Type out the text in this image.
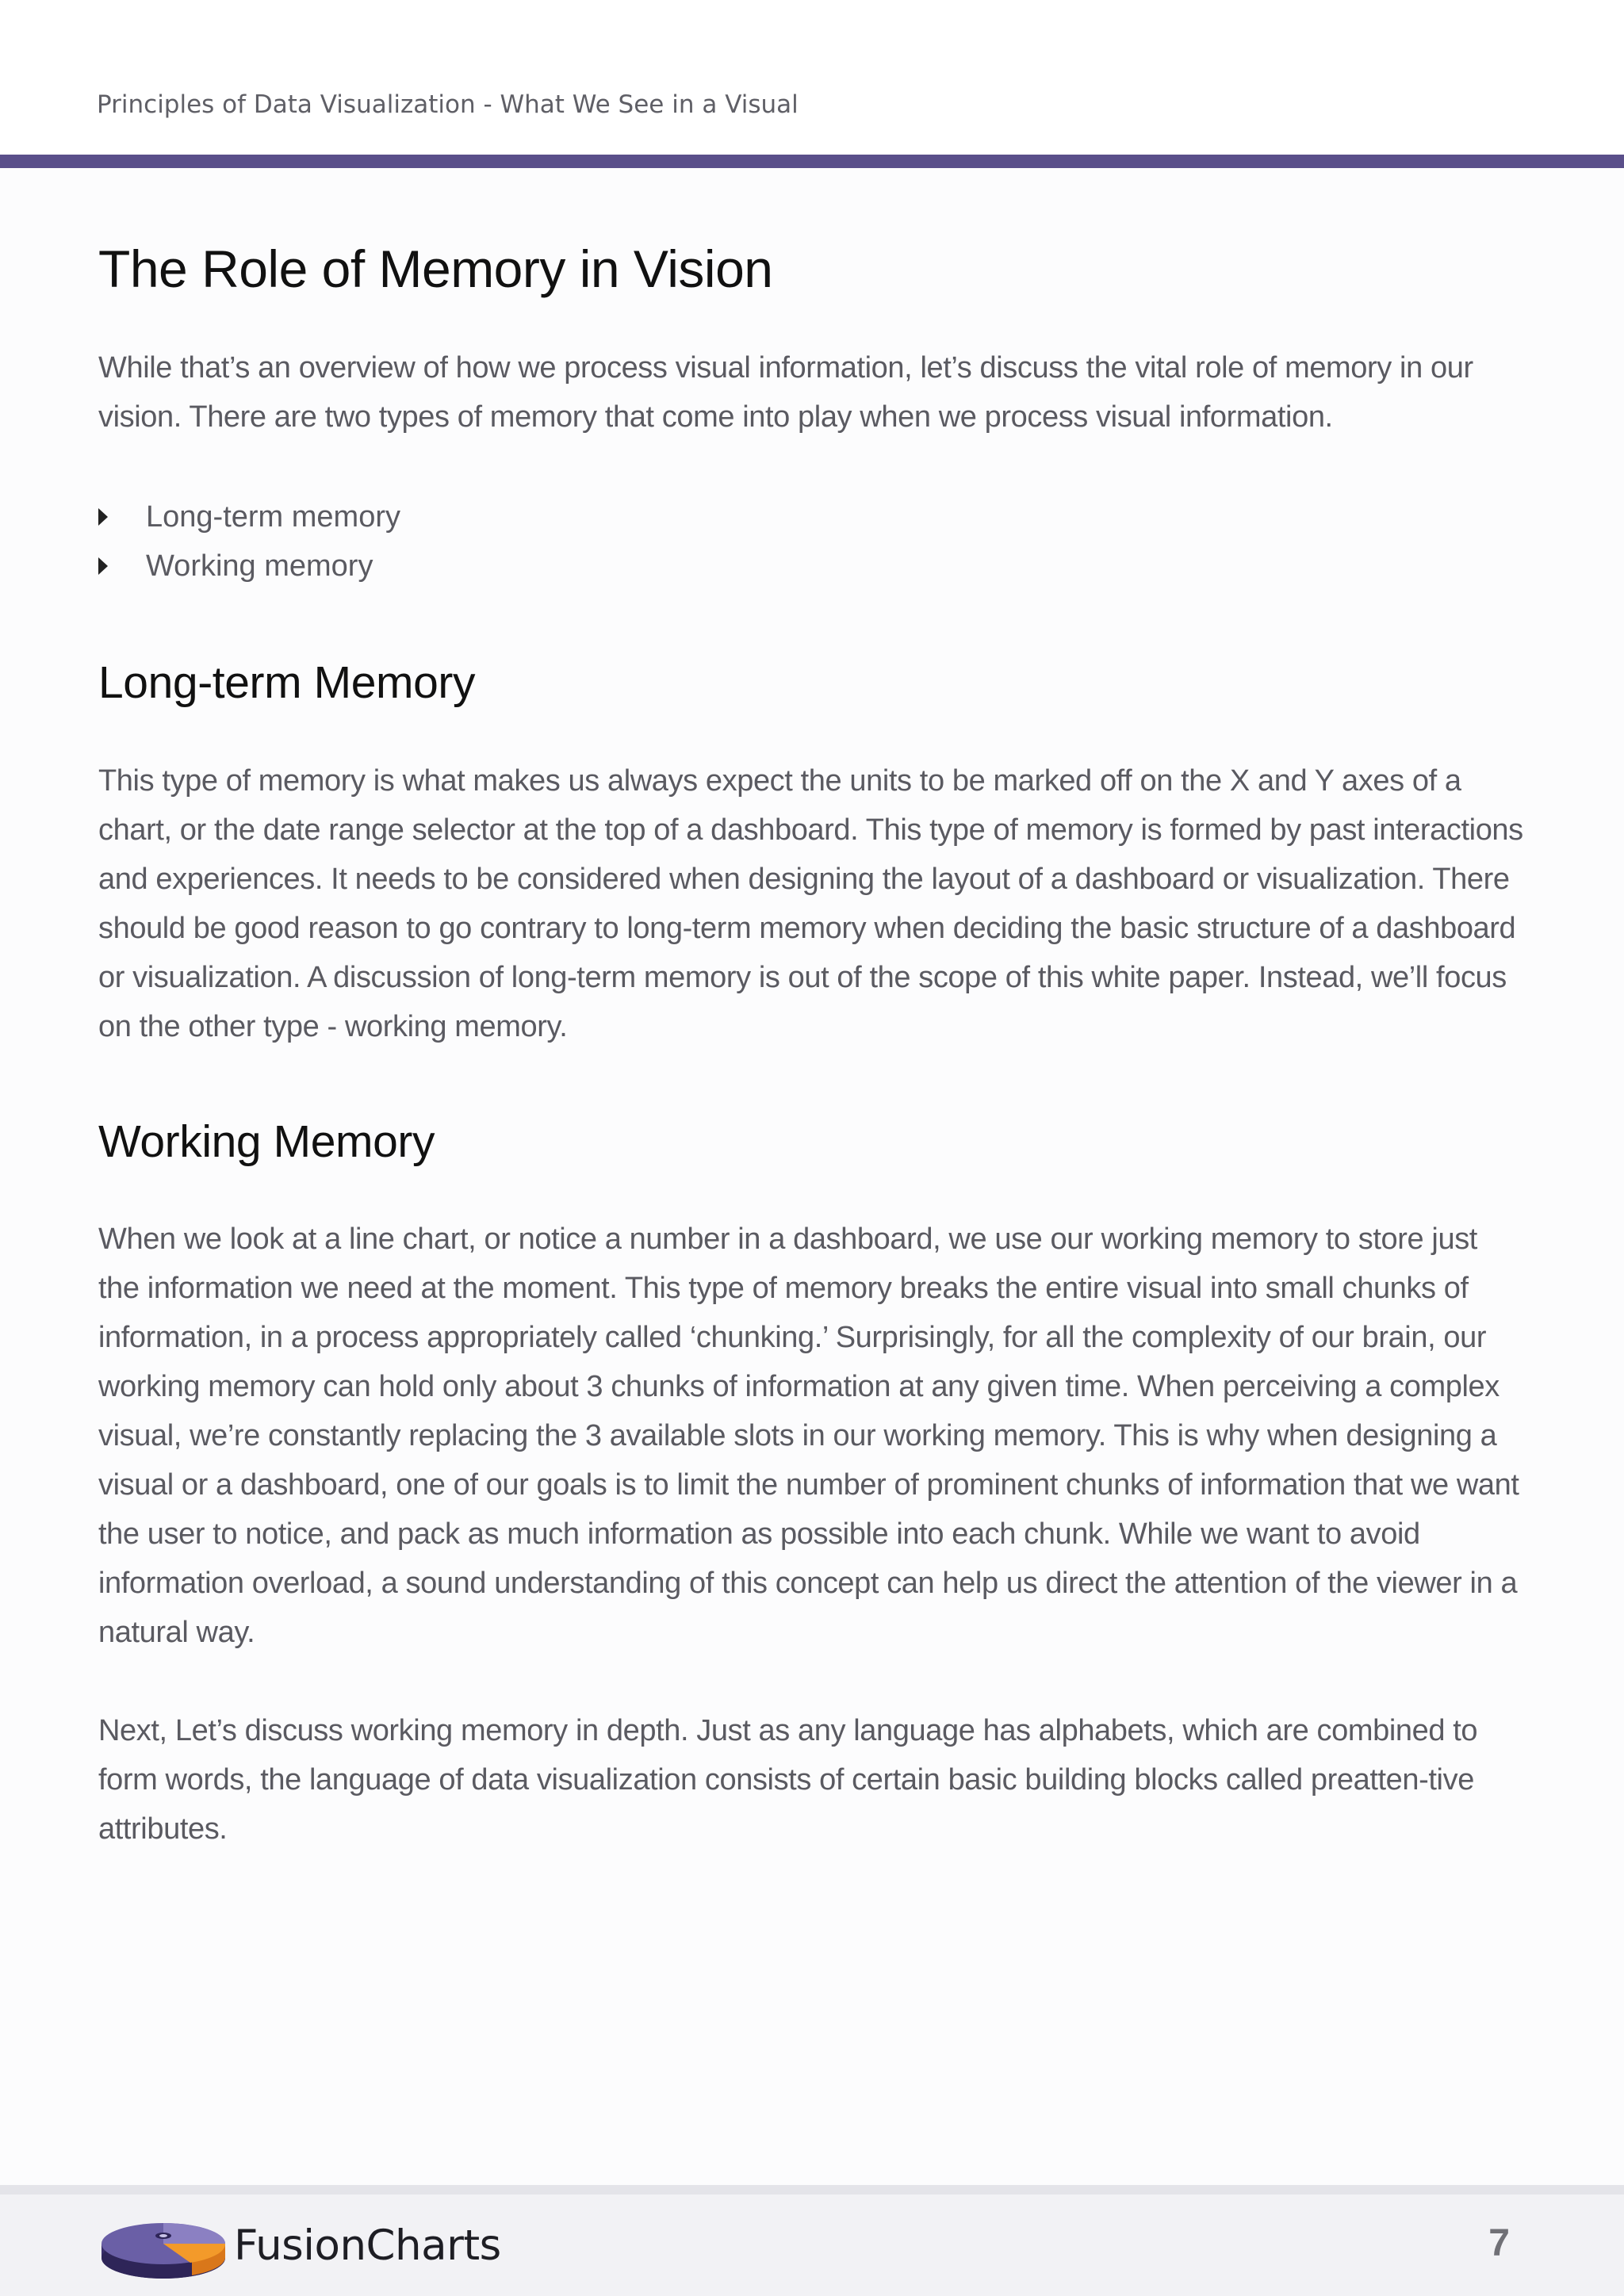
Principles of Data Visualization - What We See in a Visual
The Role of Memory in Vision

While that’s an overview of how we process visual information, let’s discuss the vital role of memory in our vision. There are two types of memory that come into play when we process visual information.

Long-term memory
Working memory
Long-term Memory

This type of memory is what makes us always expect the units to be marked off on the X and Y axes of a chart, or the date range selector at the top of a dashboard. This type of memory is formed by past interactions and experiences. It needs to be considered when designing the layout of a dashboard or visualization. There should be good reason to go contrary to long-term memory when deciding the basic structure of a dashboard or visualization. A discussion of long-term memory is out of the scope of this white paper. Instead, we’ll focus on the other type - working memory.

Working Memory

When we look at a line chart, or notice a number in a dashboard, we use our working memory to store just the information we need at the moment. This type of memory breaks the entire visual into small chunks of information, in a process appropriately called ‘chunking.’ Surprisingly, for all the complexity of our brain, our working memory can hold only about 3 chunks of information at any given time. When perceiving a complex visual, we’re constantly replacing the 3 available slots in our working memory. This is why when designing a visual or a dashboard, one of our goals is to limit the number of prominent chunks of information that we want the user to notice, and pack as much information as possible into each chunk. While we want to avoid information overload, a sound understanding of this concept can help us direct the attention of the viewer in a natural way.

Next, Let’s discuss working memory in depth. Just as any language has alphabets, which are combined to form words, the language of data visualization consists of certain basic building blocks called preatten-tive attributes.

FusionCharts	7
